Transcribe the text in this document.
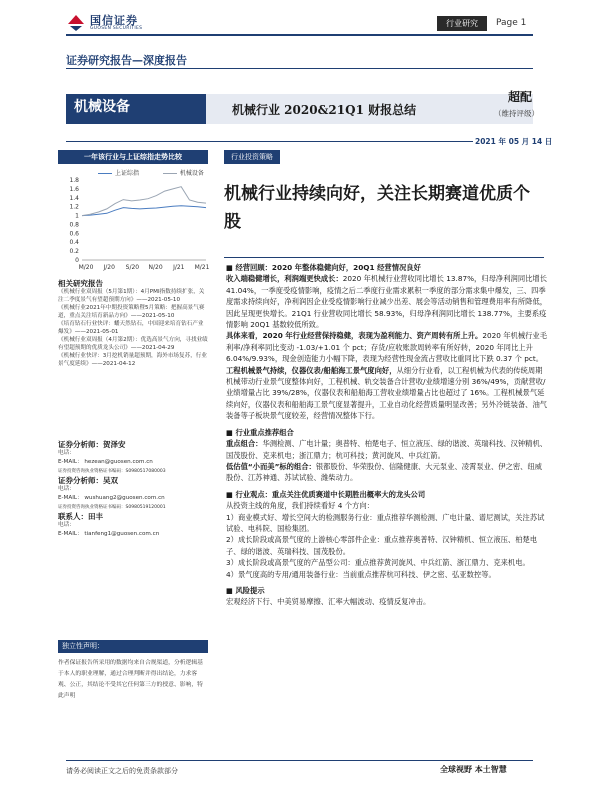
国信证券
GUOSEN SECURITIES
行业研究	Page 1
证券研究报告—深度报告
机械设备	机械行业 2020&21Q1 财报总结
超配
（维持评级）
2021 年 05 月 14 日
一年该行业与上证综指走势比较	行业投资策略
上证综指	机械设备
0
0.2
0.4
0.6
0.8
1
1.2
1.4
1.6
1.8
M/20 J/20 S/20 N/20 J/21 M/21
相关研究报告
《机械行业双周报（5月第1期）：4月PMI指数持续扩张，关注二季度景气有望超预期方向》——2021-05-10
《机械行业2021年中期投资策略暨5月策略：把握高景气赛道，重点关注培育新品方向》——2021-05-10
《培育钻石行业快评：蟠天然钻石，中国迎来培育钻石产业爆发》——2021-05-01
《机械行业双周报（4月第2期）：优选高景气方向，寻找业绩有望超预期的优质龙头公司》——2021-04-29
《机械行业快评：3月挖机销量超预期，海外市场复苏，行业景气度延续》——2021-04-12
证券分析师：贺泽安
电话：
E-MAIL： hezean@guosen.com.cn
证券投资咨询执业资格证书编码：S0980517080003
证券分析师：吴双
电话：
E-MAIL： wushuang2@guosen.com.cn
证券投资咨询执业资格证书编码：S0980519120001
联系人：田丰
电话：
E-MAIL： tianfeng1@guosen.com.cn
独立性声明：
作者保证报告所采用的数据均来自合规渠道，分析逻辑基于本人的职业理解，通过合理判断并得出结论，力求客观、公正，其结论不受其它任何第三方的授意、影响，特此声明
机械行业持续向好，关注长期赛道优质个股

■ 经营回顾：2020 年整体稳健向好，20Q1 经营情况良好

收入端稳健增长，利润端更快成长：2020 年机械行业营收同比增长 13.87%，归母净利润同比增长 41.04%，一季度受疫情影响，疫情之后二季度行业需求累积一季度的部分需求集中爆发，三、四季度需求持续向好，净利润因企业受疫情影响行业减少出差、展会等活动销售和管理费用率有所降低，因此呈现更快增长。21Q1 行业营收同比增长 58.93%，归母净利润同比增长 138.77%，主要系疫情影响 20Q1 基数较低所致。

具体来看，2020 年行业经营保持稳健，表现为盈利能力、资产周转有所上升。2020 年机械行业毛利率/净利率同比变动 -1.03/+1.01 个 pct；存货/应收账款周转率有所好转，2020 年同比上升 6.04%/9.93%，现金创造能力小幅下降，表现为经营性现金流占营收比重同比下跌 0.37 个 pct。

工程机械景气持续，仪器仪表/船舶海工景气度向好，从细分行业看，以工程机械为代表的传统周期机械带动行业景气度整体向好，工程机械、轨交装备合计营收/业绩增速分别 36%/49%，贡献营收/业绩增量占比 39%/28%，仪器仪表和船舶海工营收业绩增量占比也超过了 16%。工程机械景气延续向好，仪器仪表和船舶海工景气度显著提升，工业自动化经营质量明显改善；另外冷链装备、油气装备等子板块景气度较差，经营情况整体下行。

■ 行业重点推荐组合

重点组合：华测检测、广电计量；奥普特、柏楚电子、恒立液压、绿的谐波、英瑞科技、汉钟精机、国茂股份、克来机电；浙江鼎力；杭可科技；黄河旋风、中兵红箭。

低估值“小而美”标的组合：银都股份、华荣股份、信隆健康、大元泵业、凌霄泵业、伊之密、纽威股份、江苏神通、苏试试验、潍柴动力。

■ 行业观点：重点关注优质赛道中长期胜出概率大的龙头公司

从投资主线的角度，我们持续看好 4 个方向：

1）商业模式好、增长空间大的检测服务行业：重点推荐华测检测、广电计量、谱尼测试，关注苏试试验、电科院、国检集团。

2）成长阶段或高景气度的上游核心零部件企业：重点推荐奥普特、汉钟精机、恒立液压、柏楚电子、绿的谐波、英瑞科技、国茂股份。

3）成长阶段或高景气度的产品型公司：重点推荐黄河旋风、中兵红箭、浙江鼎力、克来机电。

4）景气度高的专用/通用装备行业：当前重点推荐杭可科技、伊之密、弘亚数控等。

■ 风险提示

宏观经济下行、中美贸易摩擦、汇率大幅波动、疫情反复冲击。

请务必阅读正文之后的免责条款部分	全球视野 本土智慧
